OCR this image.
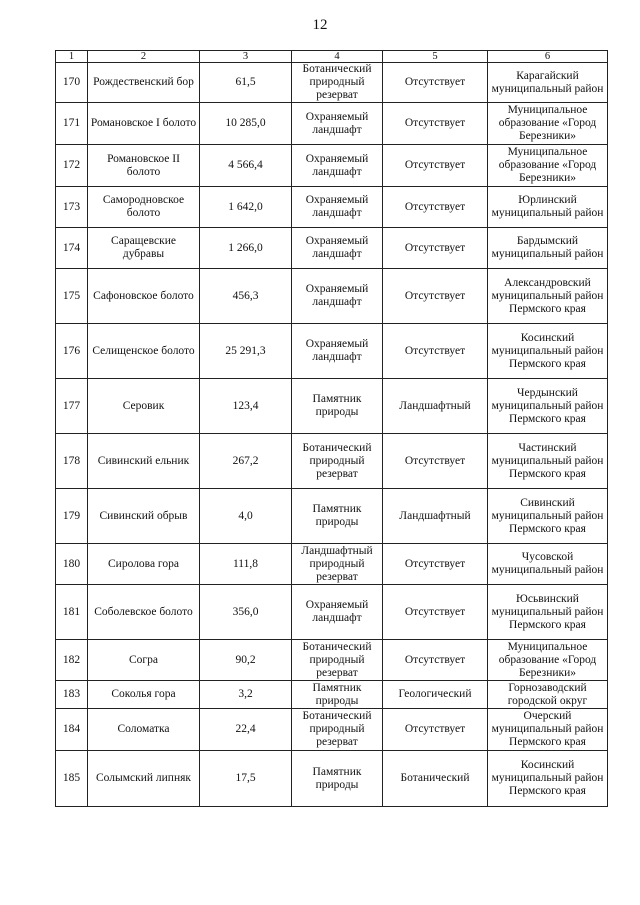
12
1	2	3	4	5	6
170	Рождественский бор	61,5	Ботанический природный резерват	Отсутствует	Карагайский муниципальный район
171	Романовское I болото	10 285,0	Охраняемый ландшафт	Отсутствует	Муниципальное образование «Город Березники»
172	Романовское II болото	4 566,4	Охраняемый ландшафт	Отсутствует	Муниципальное образование «Город Березники»
173	Самородновское болото	1 642,0	Охраняемый ландшафт	Отсутствует	Юрлинский муниципальный район
174	Саращевские дубравы	1 266,0	Охраняемый ландшафт	Отсутствует	Бардымский муниципальный район
175	Сафоновское болото	456,3	Охраняемый ландшафт	Отсутствует	Александровский муниципальный район Пермского края
176	Селищенское болото	25 291,3	Охраняемый ландшафт	Отсутствует	Косинский муниципальный район Пермского края
177	Серовик	123,4	Памятник природы	Ландшафтный	Чердынский муниципальный район Пермского края
178	Сивинский ельник	267,2	Ботанический природный резерват	Отсутствует	Частинский муниципальный район Пермского края
179	Сивинский обрыв	4,0	Памятник природы	Ландшафтный	Сивинский муниципальный район Пермского края
180	Сиролова гора	111,8	Ландшафтный природный резерват	Отсутствует	Чусовской муниципальный район
181	Соболевское болото	356,0	Охраняемый ландшафт	Отсутствует	Юсьвинский муниципальный район Пермского края
182	Согра	90,2	Ботанический природный резерват	Отсутствует	Муниципальное образование «Город Березники»
183	Соколья гора	3,2	Памятник природы	Геологический	Горнозаводский городской округ
184	Соломатка	22,4	Ботанический природный резерват	Отсутствует	Очерский муниципальный район Пермского края
185	Солымский липняк	17,5	Памятник природы	Ботанический	Косинский муниципальный район Пермского края
